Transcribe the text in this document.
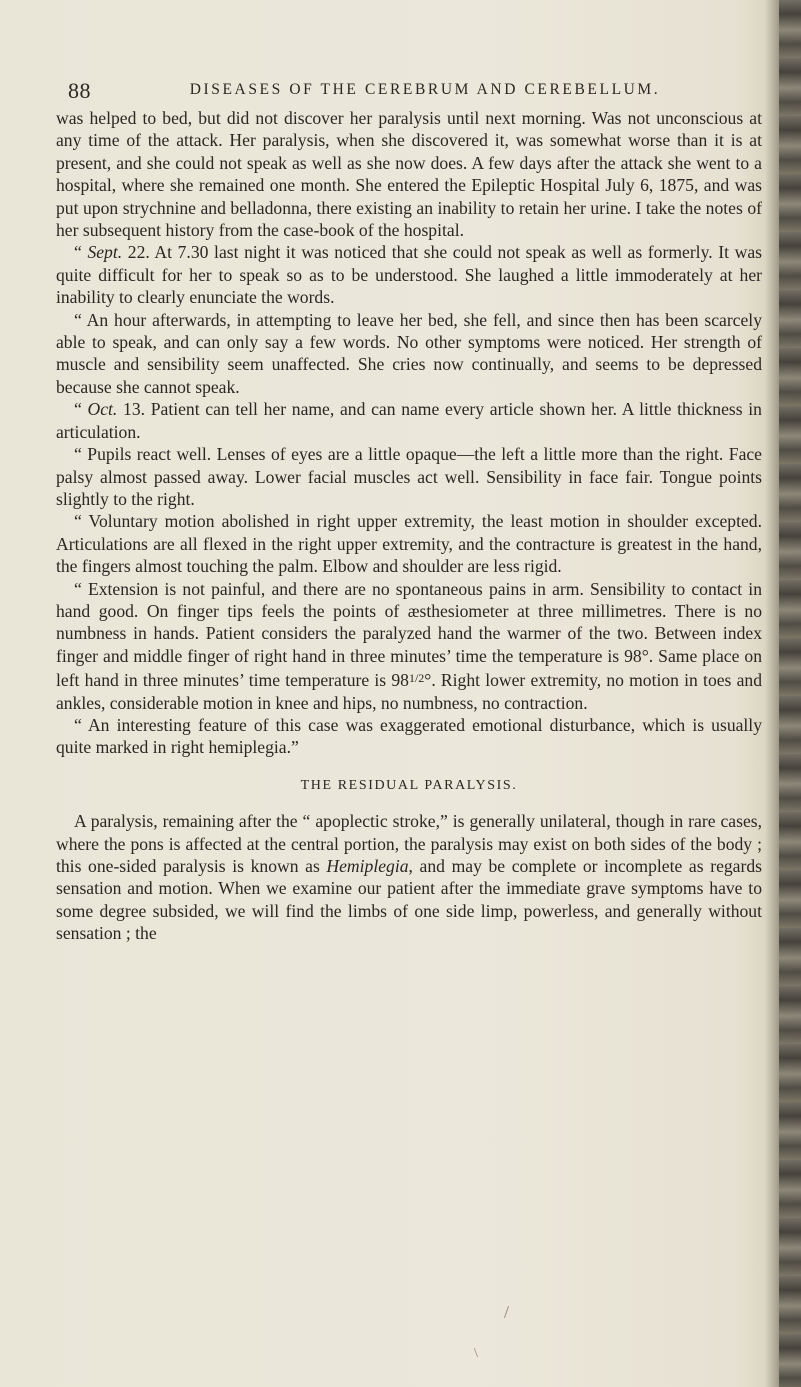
88	DISEASES OF THE CEREBRUM AND CEREBELLUM.

was helped to bed, but did not discover her paralysis until next morning. Was not unconscious at any time of the attack. Her paralysis, when she discovered it, was somewhat worse than it is at present, and she could not speak as well as she now does. A few days after the attack she went to a hospital, where she remained one month. She entered the Epileptic Hospital July 6, 1875, and was put upon strychnine and belladonna, there existing an inability to retain her urine. I take the notes of her subsequent history from the case-book of the hospital.

“ Sept. 22. At 7.30 last night it was noticed that she could not speak as well as formerly. It was quite difficult for her to speak so as to be understood. She laughed a little immoderately at her inability to clearly enunciate the words.

“ An hour afterwards, in attempting to leave her bed, she fell, and since then has been scarcely able to speak, and can only say a few words. No other symptoms were noticed. Her strength of muscle and sensibility seem unaffected. She cries now continually, and seems to be depressed because she cannot speak.

“ Oct. 13. Patient can tell her name, and can name every article shown her. A little thickness in articulation.

“ Pupils react well. Lenses of eyes are a little opaque—the left a little more than the right. Face palsy almost passed away. Lower facial muscles act well. Sensibility in face fair. Tongue points slightly to the right.

“ Voluntary motion abolished in right upper extremity, the least motion in shoulder excepted. Articulations are all flexed in the right upper extremity, and the contracture is greatest in the hand, the fingers almost touching the palm. Elbow and shoulder are less rigid.

“ Extension is not painful, and there are no spontaneous pains in arm. Sensibility to contact in hand good. On finger tips feels the points of æsthesiometer at three millimetres. There is no numbness in hands. Patient considers the paralyzed hand the warmer of the two. Between index finger and middle finger of right hand in three minutes’ time the temperature is 98°. Same place on left hand in three minutes’ time temperature is $98^{1/2}^\circ$. Right lower extremity, no motion in toes and ankles, considerable motion in knee and hips, no numbness, no contraction.

“ An interesting feature of this case was exaggerated emotional disturbance, which is usually quite marked in right hemiplegia.”

THE RESIDUAL PARALYSIS.

A paralysis, remaining after the “ apoplectic stroke,” is generally unilateral, though in rare cases, where the pons is affected at the central portion, the paralysis may exist on both sides of the body ; this one-sided paralysis is known as Hemiplegia, and may be complete or incomplete as regards sensation and motion. When we examine our patient after the immediate grave symptoms have to some degree subsided, we will find the limbs of one side limp, powerless, and generally without sensation ; the

/
\
